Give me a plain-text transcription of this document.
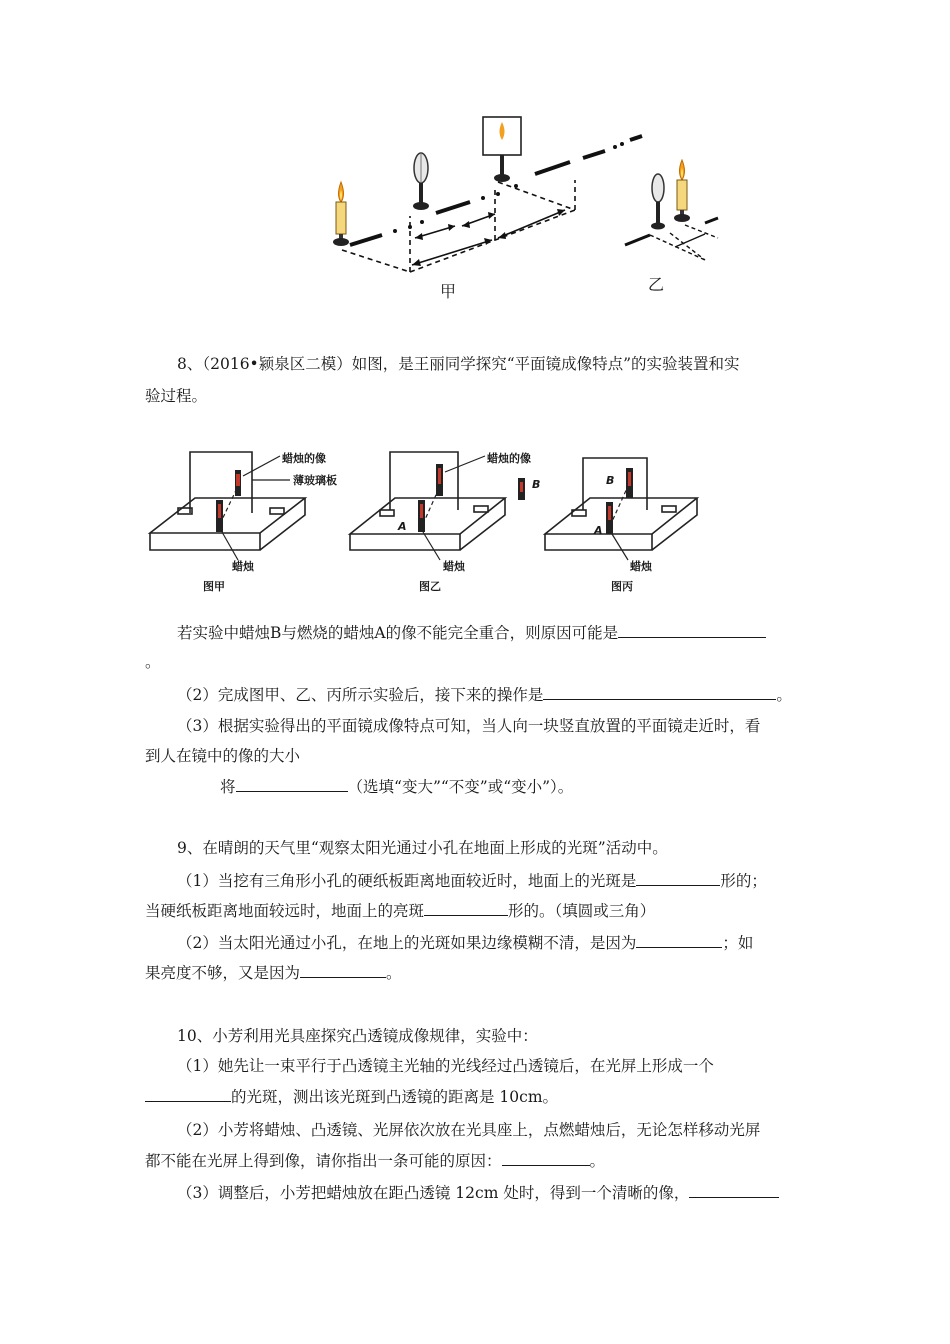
甲	乙
8、（2016•颍泉区二模）如图，是王丽同学探究“平面镜成像特点”的实验装置和实
验过程。
蜡烛的像
薄玻璃板
蜡烛
蜡烛的像
蜡烛	蜡烛
A
B
A
B
图甲	图乙	图丙
若实验中蜡烛B与燃烧的蜡烛A的像不能完全重合，则原因可能是
。
（2）完成图甲、乙、丙所示实验后，接下来的操作是	。
（3）根据实验得出的平面镜成像特点可知，当人向一块竖直放置的平面镜走近时，看
到人在镜中的像的大小
将	（选填“变大”“不变”或“变小”）。
9、在晴朗的天气里“观察太阳光通过小孔在地面上形成的光斑”活动中。
（1）当挖有三角形小孔的硬纸板距离地面较近时，地面上的光斑是	形的；
当硬纸板距离地面较远时，地面上的亮斑	形的。（填圆或三角）
（2）当太阳光通过小孔，在地上的光斑如果边缘模糊不清，是因为	；如
果亮度不够，又是因为	。
10、小芳利用光具座探究凸透镜成像规律，实验中：
（1）她先让一束平行于凸透镜主光轴的光线经过凸透镜后，在光屏上形成一个
的光斑，测出该光斑到凸透镜的距离是 10cm。
（2）小芳将蜡烛、凸透镜、光屏依次放在光具座上，点燃蜡烛后，无论怎样移动光屏
都不能在光屏上得到像，请你指出一条可能的原因：	。
（3）调整后，小芳把蜡烛放在距凸透镜 12cm 处时，得到一个清晰的像，
